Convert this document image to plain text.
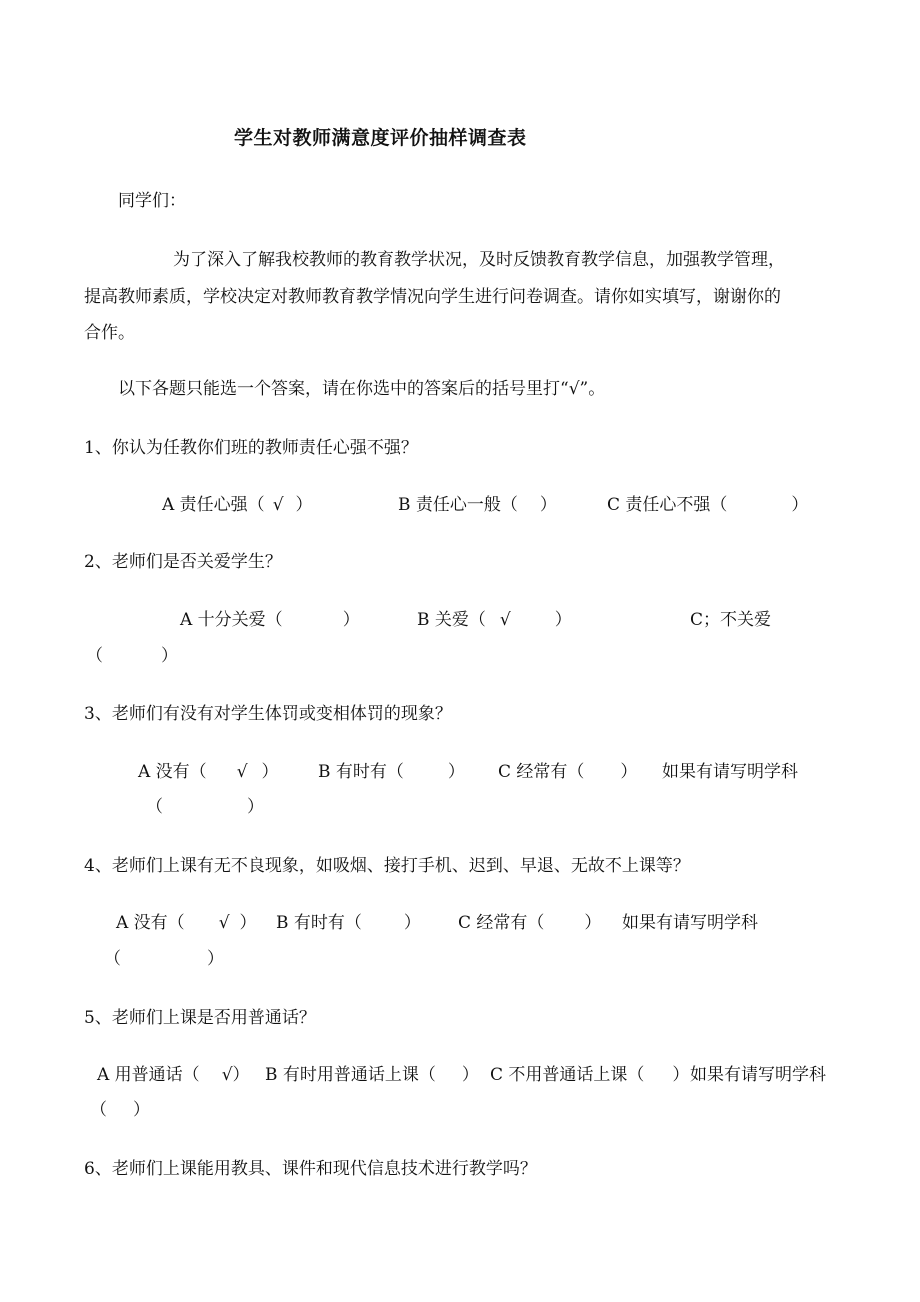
学生对教师满意度评价抽样调查表
同学们：
为了深入了解我校教师的教育教学状况，及时反馈教育教学信息，加强教学管理，
提高教师素质，学校决定对教师教育教学情况向学生进行问卷调查。请你如实填写，谢谢你的
合作。
以下各题只能选一个答案，请在你选中的答案后的括号里打“√”。
1、你认为任教你们班的教师责任心强不强？
A 责任心强（ √ ）	B 责任心一般（ ）	C 责任心不强（	）
2、老师们是否关爱学生？
A 十分关爱（	）	B 关爱（ √	）	C；不关爱
（	）
3、老师们有没有对学生体罚或变相体罚的现象？
A 没有（ √ ） B 有时有（	） C 经常有（ ） 如果有请写明学科
（	）
4、老师们上课有无不良现象，如吸烟、接打手机、迟到、早退、无故不上课等？
A 没有（ √ ） B 有时有（ ） C 经常有（ ） 如果有请写明学科
（	）
5、老师们上课是否用普通话？
A 用普通话（ √） B 有时用普通话上课（ ） C 不用普通话上课（ ） 如果有请写明学科
（ ）
6、老师们上课能用教具、课件和现代信息技术进行教学吗？
